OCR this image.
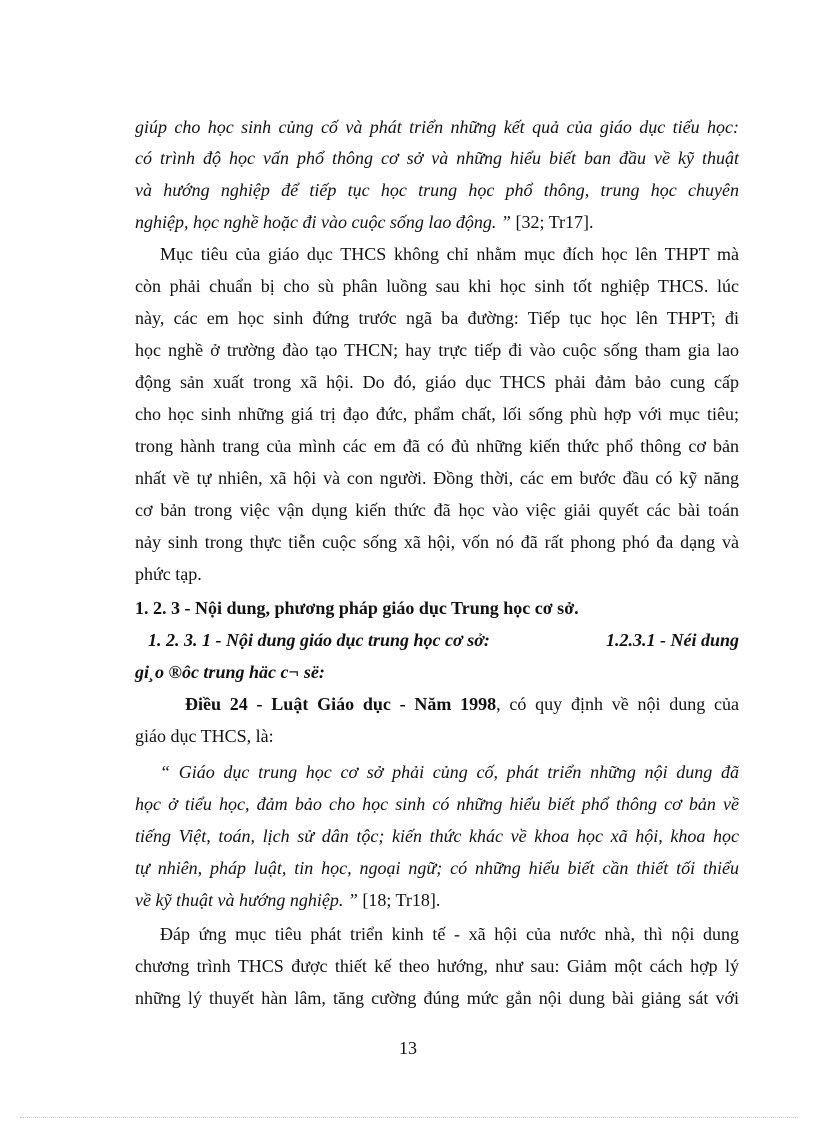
giúp cho học sinh củng cố và phát triển những kết quả của giáo dục tiểu học:
có trình độ học vấn phổ thông cơ sở và những hiểu biết ban đầu về kỹ thuật
và hướng nghiệp để tiếp tục học trung học phổ thông, trung học chuyên
nghiệp, học nghề hoặc đi vào cuộc sống lao động. ” [32; Tr17].
Mục tiêu của giáo dục THCS không chỉ nhằm mục đích học lên THPT mà
còn phải chuẩn bị cho sù phân luồng sau khi học sinh tốt nghiệp THCS. lúc
này, các em học sinh đứng trước ngã ba đường: Tiếp tục học lên THPT; đi
học nghề ở trường đào tạo THCN; hay trực tiếp đi vào cuộc sống tham gia lao
động sản xuất trong xã hội. Do đó, giáo dục THCS phải đảm bảo cung cấp
cho học sinh những giá trị đạo đức, phẩm chất, lối sống phù hợp với mục tiêu;
trong hành trang của mình các em đã có đủ những kiến thức phổ thông cơ bản
nhất về tự nhiên, xã hội và con người. Đồng thời, các em bước đầu có kỹ năng
cơ bản trong việc vận dụng kiến thức đã học vào việc giải quyết các bài toán
nảy sinh trong thực tiễn cuộc sống xã hội, vốn nó đã rất phong phó đa dạng và
phức tạp.
1. 2. 3 - Nội dung, phương pháp giáo dục Trung học cơ sở.
1. 2. 3. 1 - Nội dung giáo dục trung học cơ sở:	1.2.3.1 - Néi dung
gi¸o ®ôc trung häc c¬ së:
Điều 24 - Luật Giáo dục - Năm 1998, có quy định về nội dung của
giáo dục THCS, là:
“ Giáo dục trung học cơ sở phải củng cố, phát triển những nội dung đã
học ở tiểu học, đảm bảo cho học sinh có những hiểu biết phổ thông cơ bản về
tiếng Việt, toán, lịch sử dân tộc; kiến thức khác về khoa học xã hội, khoa học
tự nhiên, pháp luật, tin học, ngoại ngữ; có những hiểu biết cần thiết tối thiểu
về kỹ thuật và hướng nghiệp. ” [18; Tr18].
Đáp ứng mục tiêu phát triển kinh tế - xã hội của nước nhà, thì nội dung
chương trình THCS được thiết kế theo hướng, như sau: Giảm một cách hợp lý
những lý thuyết hàn lâm, tăng cường đúng mức gắn nội dung bài giảng sát với
13
